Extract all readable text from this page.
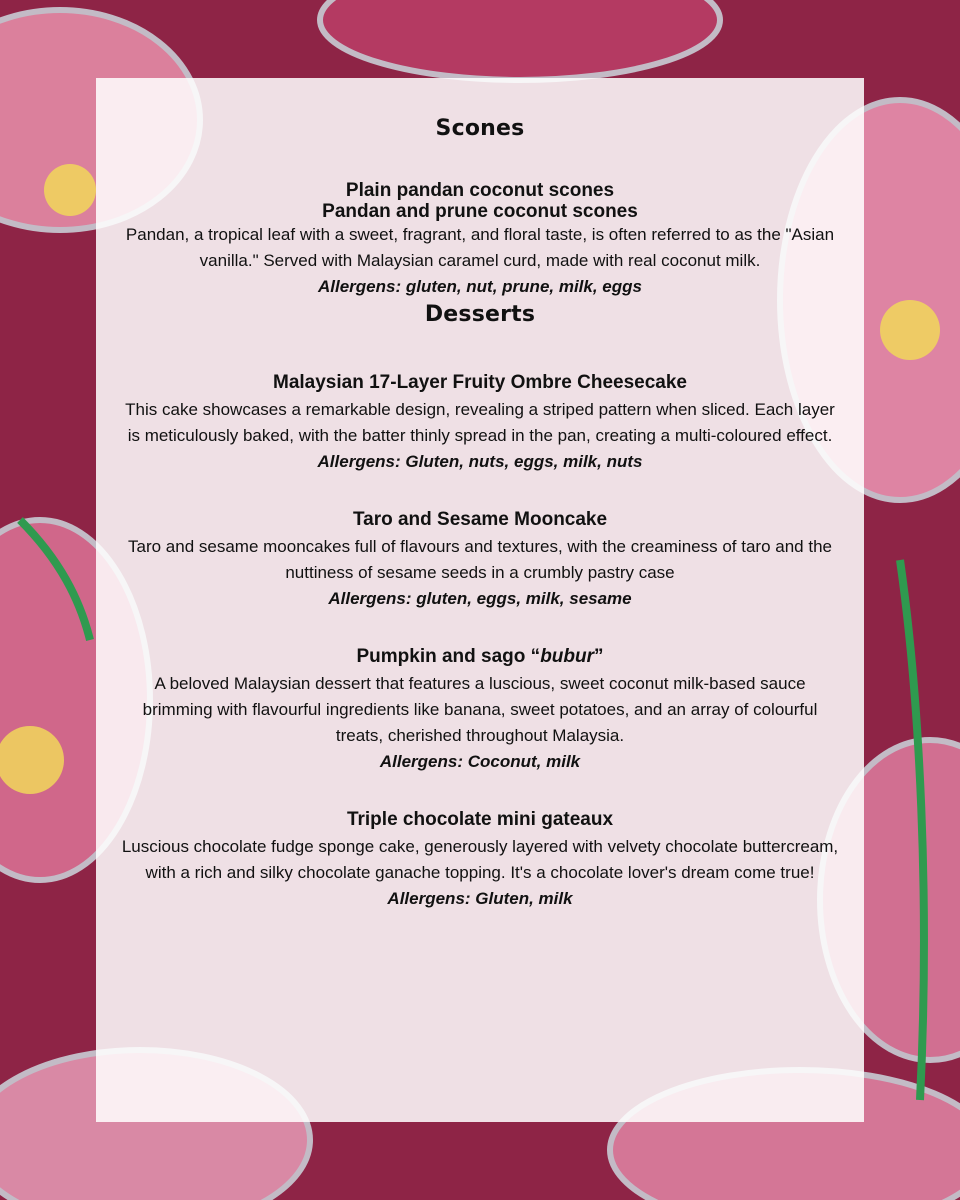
Scones

Plain pandan coconut scones

Pandan and prune coconut scones

Pandan, a tropical leaf with a sweet, fragrant, and floral taste, is often referred to as the "Asian vanilla." Served with Malaysian caramel curd, made with real coconut milk.

Allergens: gluten, nut, prune, milk, eggs

Desserts

Malaysian 17-Layer Fruity Ombre Cheesecake

This cake showcases a remarkable design, revealing a striped pattern when sliced. Each layer is meticulously baked, with the batter thinly spread in the pan, creating a multi-coloured effect.

Allergens: Gluten, nuts, eggs, milk, nuts

Taro and Sesame Mooncake

Taro and sesame mooncakes full of flavours and textures, with the creaminess of taro and the nuttiness of sesame seeds in a crumbly pastry case

Allergens: gluten, eggs, milk, sesame

Pumpkin and sago “bubur”

A beloved Malaysian dessert that features a luscious, sweet coconut milk-based sauce brimming with flavourful ingredients like banana, sweet potatoes, and an array of colourful treats, cherished throughout Malaysia.

Allergens: Coconut, milk

Triple chocolate mini gateaux

Luscious chocolate fudge sponge cake, generously layered with velvety chocolate buttercream, with a rich and silky chocolate ganache topping. It's a chocolate lover's dream come true!

Allergens: Gluten, milk
